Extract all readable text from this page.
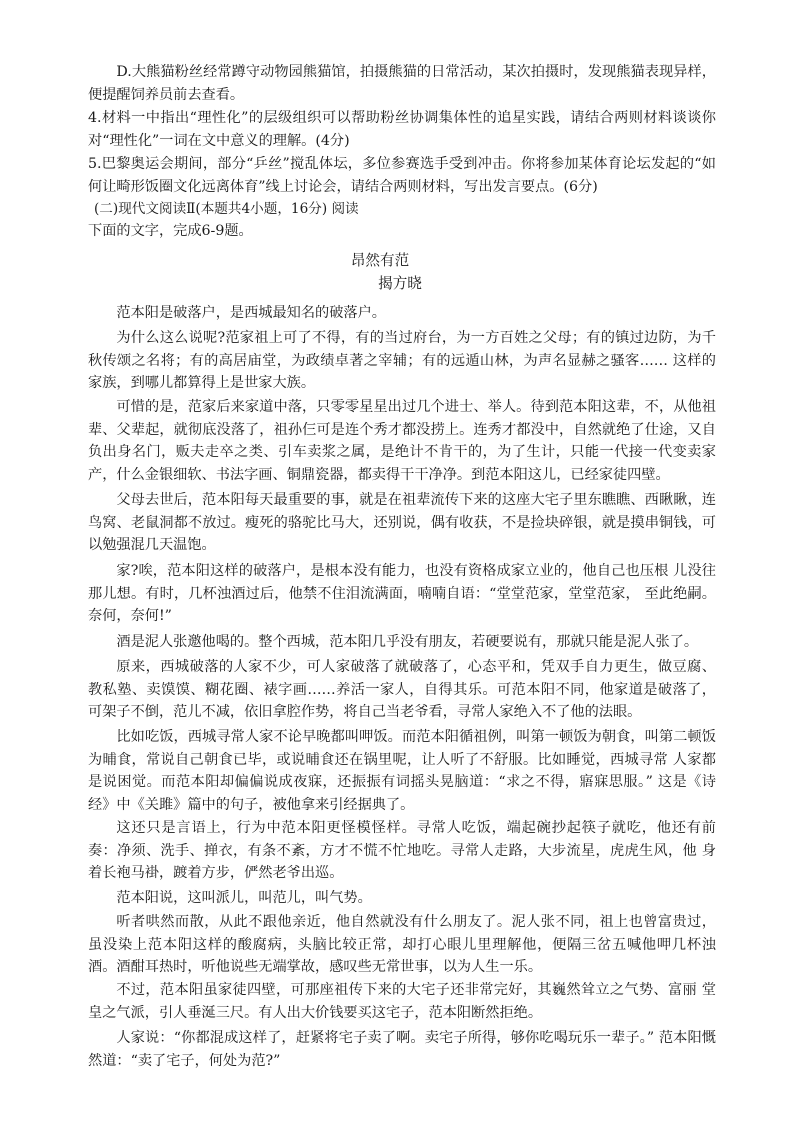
D.大熊猫粉丝经常蹲守动物园熊猫馆，拍摄熊猫的日常活动，某次拍摄时，发现熊猫表现异样，便提醒饲养员前去查看。
4.材料一中指出“理性化”的层级组织可以帮助粉丝协调集体性的追星实践，请结合两则材料谈谈你对“理性化”一词在文中意义的理解。(4分)
5.巴黎奥运会期间，部分“乒丝”搅乱体坛，多位参赛选手受到冲击。你将参加某体育论坛发起的“如何让畸形饭圈文化远离体育”线上讨论会，请结合两则材料，写出发言要点。(6分)
(二)现代文阅读Ⅱ(本题共4小题，16分) 阅读
下面的文字，完成6-9题。
昂然有范
揭方晓
范本阳是破落户，是西城最知名的破落户。
为什么这么说呢?范家祖上可了不得，有的当过府台，为一方百姓之父母；有的镇过边防，为千秋传颂之名将；有的高居庙堂，为政绩卓著之宰辅；有的远遁山林，为声名显赫之骚客…… 这样的家族，到哪儿都算得上是世家大族。
可惜的是，范家后来家道中落，只零零星星出过几个进士、举人。待到范本阳这辈，不，从他祖辈、父辈起，就彻底没落了，祖孙仨可是连个秀才都没捞上。连秀才都没中，自然就绝了仕途，又自负出身名门，贩夫走卒之类、引车卖浆之属，是绝计不肯干的，为了生计，只能一代接一代变卖家产，什么金银细软、书法字画、铜鼎瓷器，都卖得干干净净。到范本阳这儿，已经家徒四壁。
父母去世后，范本阳每天最重要的事，就是在祖辈流传下来的这座大宅子里东瞧瞧、西瞅瞅，连鸟窝、老鼠洞都不放过。瘦死的骆驼比马大，还别说，偶有收获，不是捡块碎银，就是摸串铜钱，可以勉强混几天温饱。
家?唉，范本阳这样的破落户，是根本没有能力，也没有资格成家立业的，他自己也压根 儿没往那儿想。有时，几杯浊酒过后，他禁不住泪流满面，喃喃自语：“堂堂范家，堂堂范家， 至此绝嗣。奈何，奈何!”
酒是泥人张邀他喝的。整个西城，范本阳几乎没有朋友，若硬要说有，那就只能是泥人张了。
原来，西城破落的人家不少，可人家破落了就破落了，心态平和，凭双手自力更生，做豆腐、 教私塾、卖馍馍、糊花圈、裱字画……养活一家人，自得其乐。可范本阳不同，他家道是破落了， 可架子不倒，范儿不减，依旧拿腔作势，将自己当老爷看，寻常人家绝入不了他的法眼。
比如吃饭，西城寻常人家不论早晚都叫呷饭。而范本阳循祖例，叫第一顿饭为朝食，叫第二顿饭为晡食，常说自己朝食已毕，或说晡食还在锅里呢，让人听了不舒服。比如睡觉，西城寻常 人家都是说困觉。而范本阳却偏偏说成夜寐，还振振有词摇头晃脑道：“求之不得，寤寐思服。” 这是《诗经》中《关雎》篇中的句子，被他拿来引经据典了。
这还只是言语上，行为中范本阳更怪模怪样。寻常人吃饭，端起碗抄起筷子就吃，他还有前 奏：净须、洗手、掸衣，有条不紊，方才不慌不忙地吃。寻常人走路，大步流星，虎虎生风，他 身着长袍马褂，踱着方步，俨然老爷出巡。
范本阳说，这叫派儿，叫范儿，叫气势。
听者哄然而散，从此不跟他亲近，他自然就没有什么朋友了。泥人张不同，祖上也曾富贵过， 虽没染上范本阳这样的酸腐病，头脑比较正常，却打心眼儿里理解他，便隔三岔五喊他呷几杯浊 酒。酒酣耳热时，听他说些无端掌故，感叹些无常世事，以为人生一乐。
不过，范本阳虽家徒四壁，可那座祖传下来的大宅子还非常完好，其巍然耸立之气势、富丽 堂皇之气派，引人垂涎三尺。有人出大价钱要买这宅子，范本阳断然拒绝。
人家说：“你都混成这样了，赶紧将宅子卖了啊。卖宅子所得，够你吃喝玩乐一辈子。” 范本阳慨然道：“卖了宅子，何处为范?”
